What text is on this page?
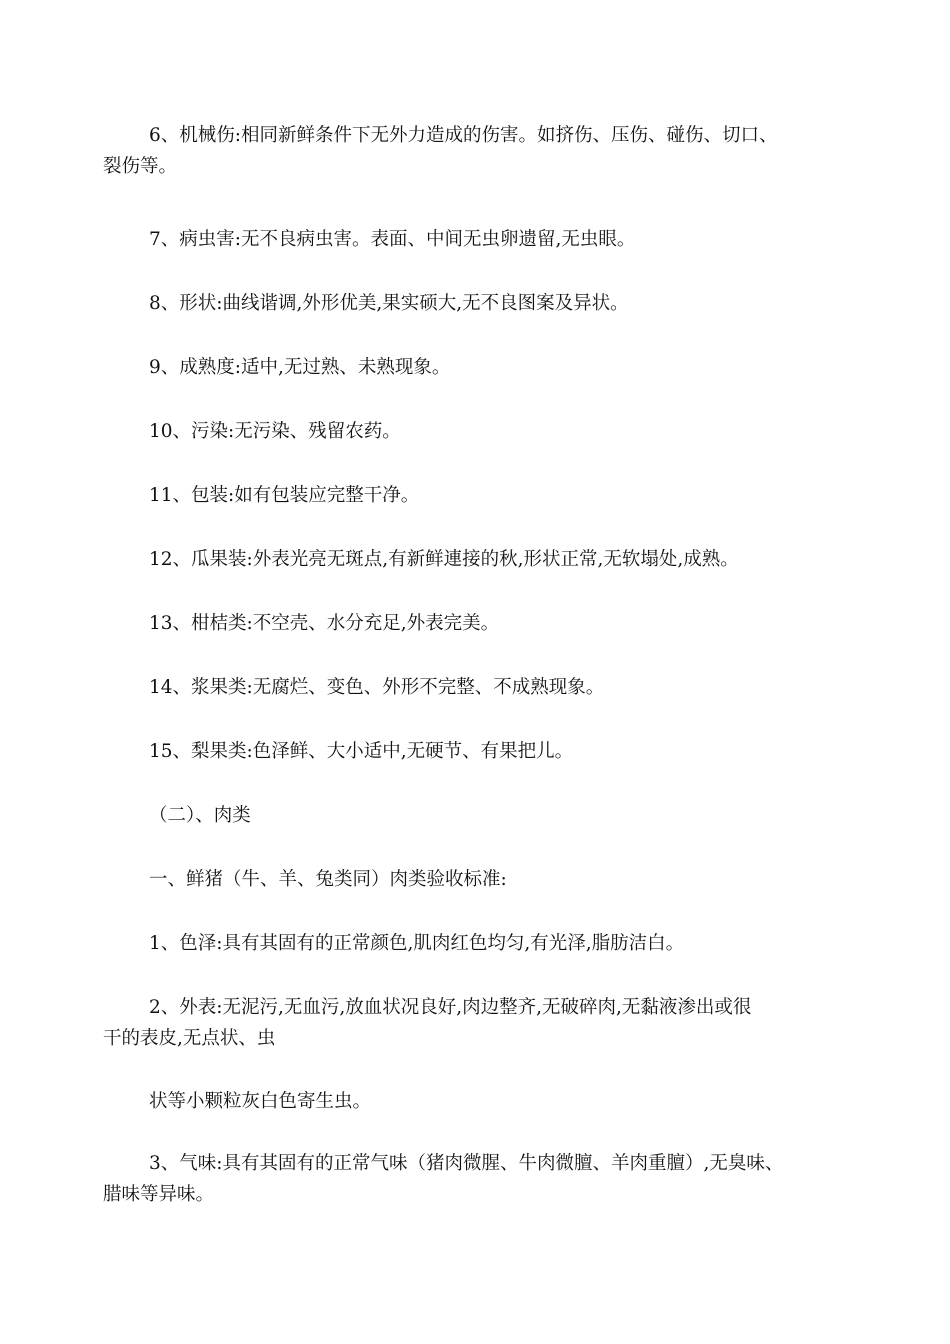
6、机械伤:相同新鲜条件下无外力造成的伤害。如挤伤、压伤、碰伤、切口、
裂伤等。

7、病虫害:无不良病虫害。表面、中间无虫卵遗留,无虫眼。

8、形状:曲线谐调,外形优美,果实硕大,无不良图案及异状。

9、成熟度:适中,无过熟、未熟现象。

10、污染:无污染、残留农药。

11、包装:如有包装应完整干净。

12、瓜果装:外表光亮无斑点,有新鲜連接的秋,形状正常,无软塌处,成熟。

13、柑桔类:不空壳、水分充足,外表完美。

14、浆果类:无腐烂、变色、外形不完整、不成熟现象。

15、梨果类:色泽鲜、大小适中,无硬节、有果把儿。

（二）、肉类

一、鲜猪（牛、羊、兔类同）肉类验收标准:

1、色泽:具有其固有的正常颜色,肌肉红色均匀,有光泽,脂肪洁白。

2、外表:无泥污,无血污,放血状况良好,肉边整齐,无破碎肉,无黏液渗出或很
干的表皮,无点状、虫

状等小颗粒灰白色寄生虫。

3、气味:具有其固有的正常气味（猪肉微腥、牛肉微膻、羊肉重膻）,无臭味、
腊味等异味。
